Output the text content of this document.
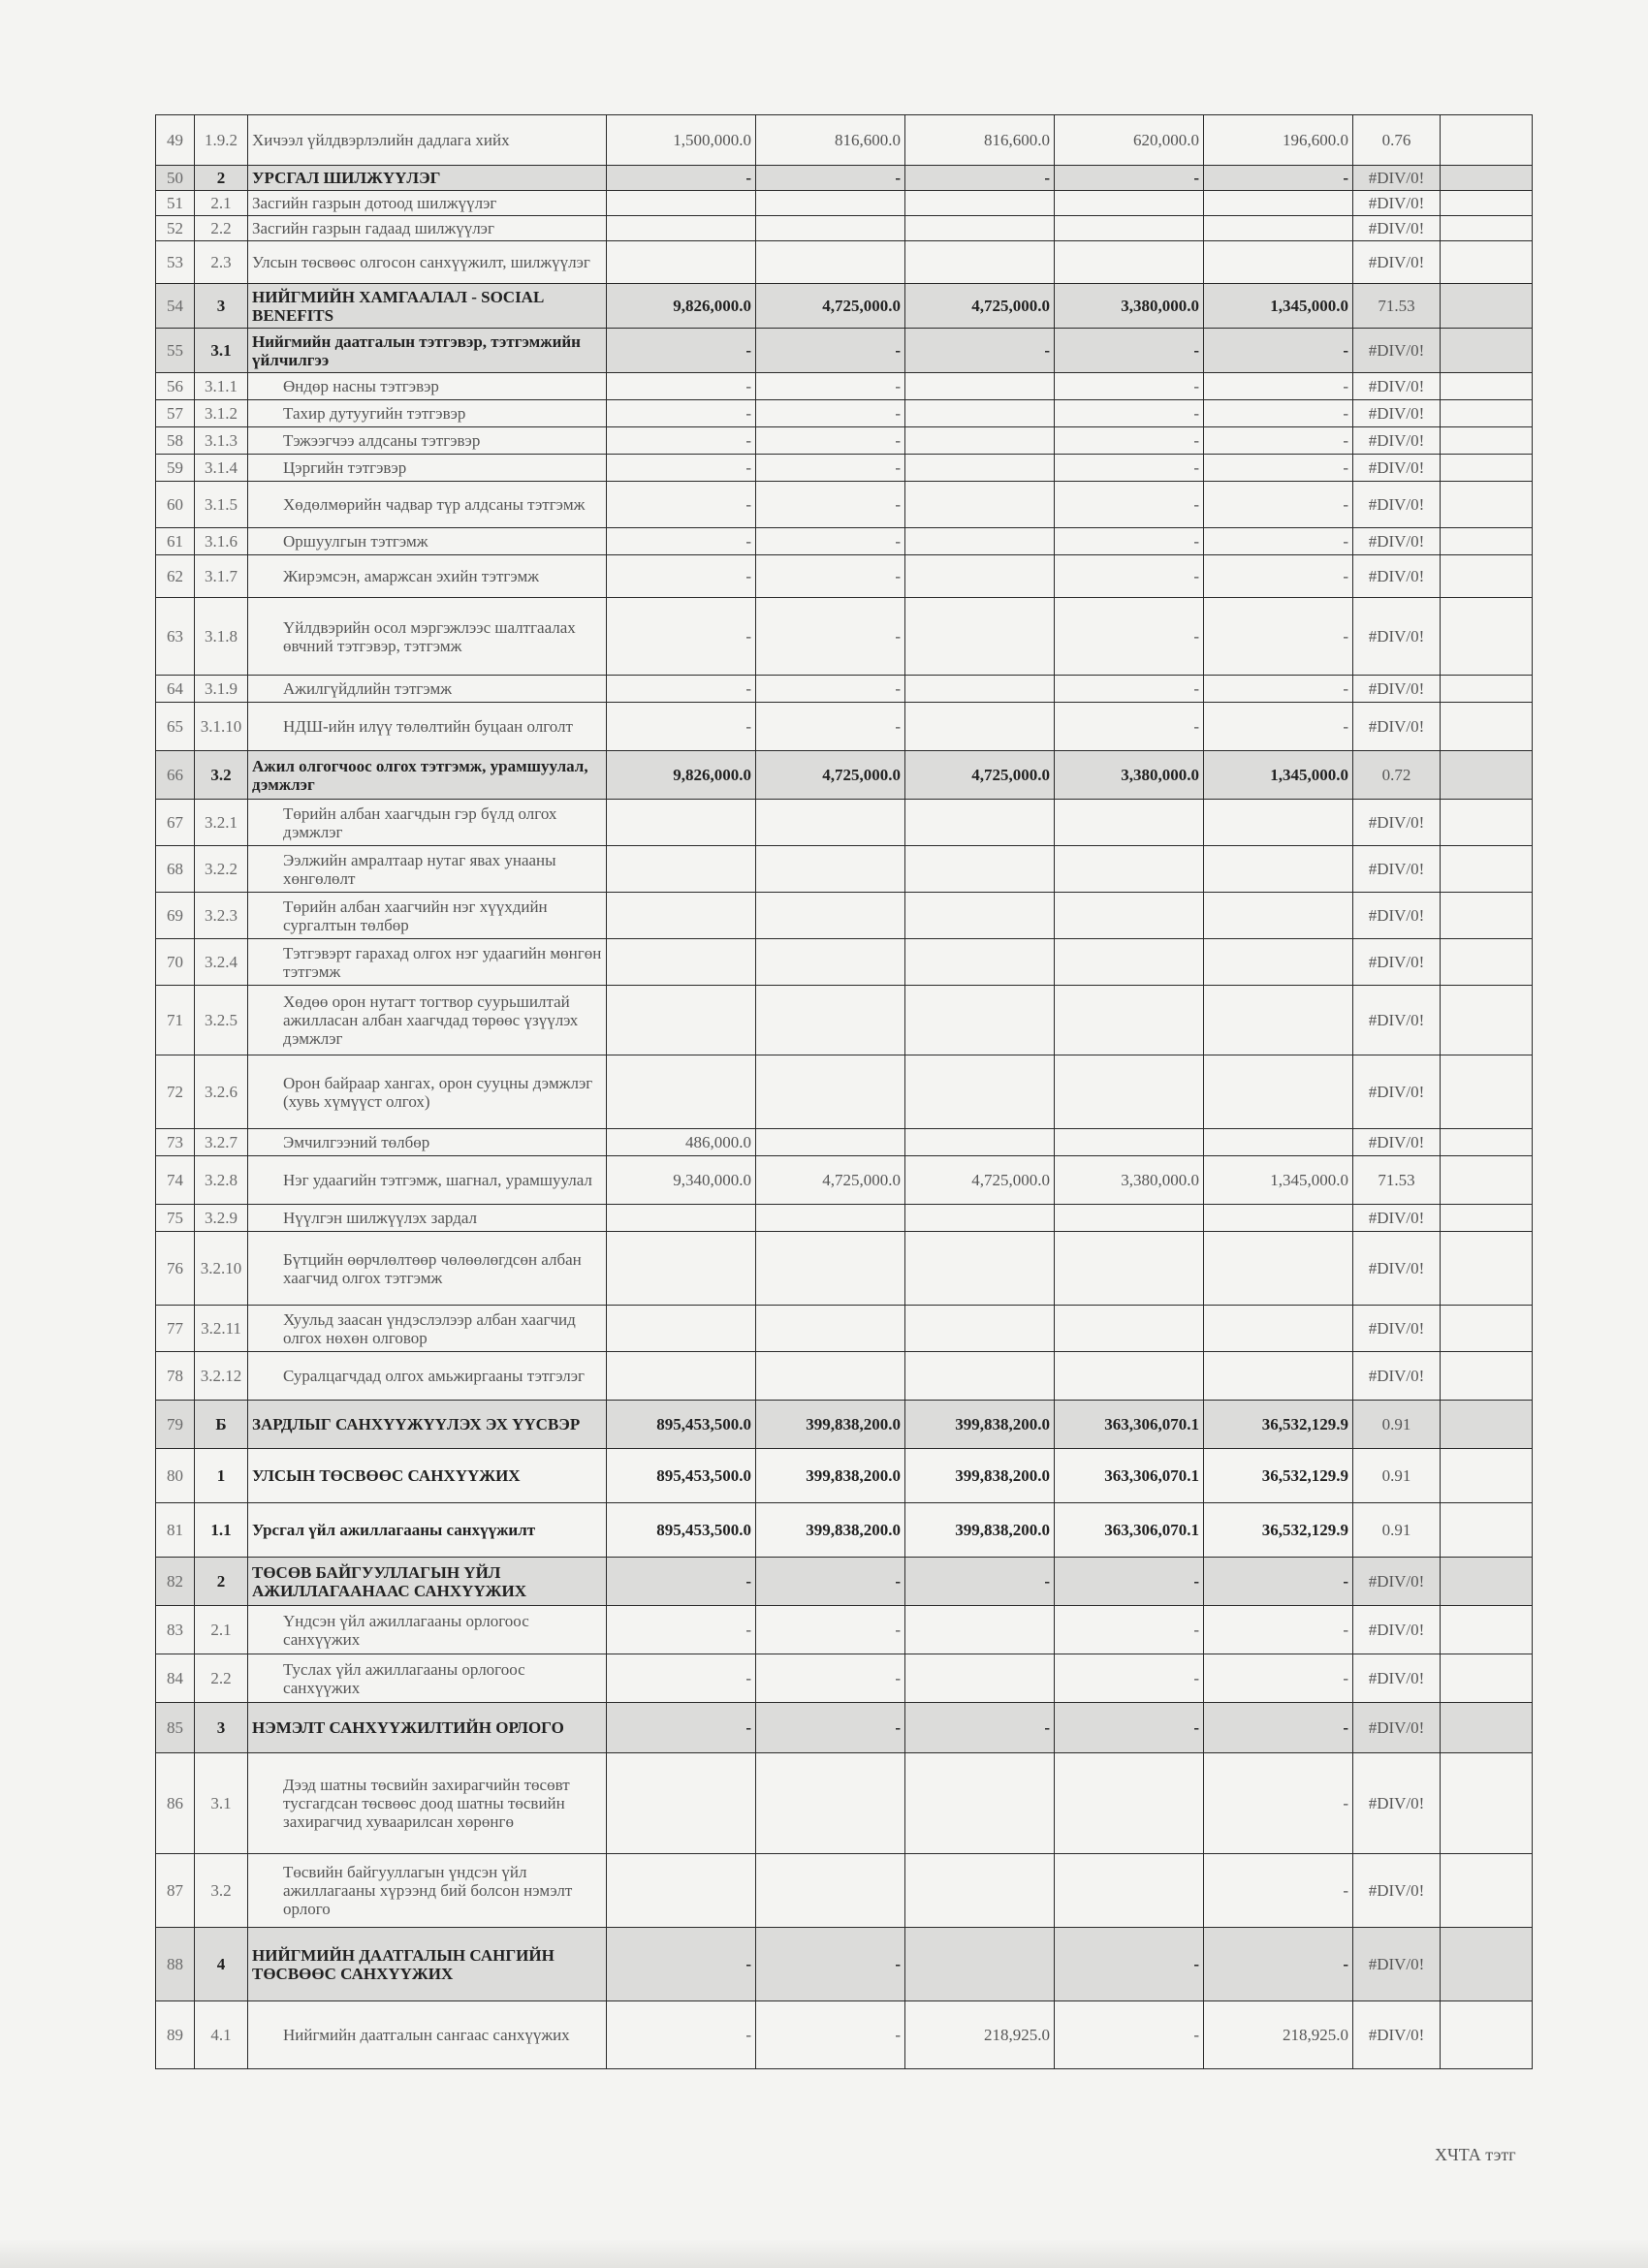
49	1.9.2	Хичээл үйлдвэрлэлийн дадлага хийх	1,500,000.0	816,600.0	816,600.0	620,000.0	196,600.0	0.76	
50	2	УРСГАЛ ШИЛЖҮҮЛЭГ	-	-	-	-	-	#DIV/0!	
51	2.1	Засгийн газрын дотоод шилжүүлэг						#DIV/0!	
52	2.2	Засгийн газрын гадаад шилжүүлэг						#DIV/0!	
53	2.3	Улсын төсвөөс олгосон санхүүжилт, шилжүүлэг						#DIV/0!	
54	3	НИЙГМИЙН ХАМГААЛАЛ - SOCIAL BENEFITS	9,826,000.0	4,725,000.0	4,725,000.0	3,380,000.0	1,345,000.0	71.53	
55	3.1	Нийгмийн даатгалын тэтгэвэр, тэтгэмжийн үйлчилгээ	-	-	-	-	-	#DIV/0!	
56	3.1.1	Өндөр насны тэтгэвэр	-	-		-	-	#DIV/0!	
57	3.1.2	Тахир дутуугийн тэтгэвэр	-	-		-	-	#DIV/0!	
58	3.1.3	Тэжээгчээ алдсаны тэтгэвэр	-	-		-	-	#DIV/0!	
59	3.1.4	Цэргийн тэтгэвэр	-	-		-	-	#DIV/0!	
60	3.1.5	Хөдөлмөрийн чадвар түр алдсаны тэтгэмж	-	-		-	-	#DIV/0!	
61	3.1.6	Оршуулгын тэтгэмж	-	-		-	-	#DIV/0!	
62	3.1.7	Жирэмсэн, амаржсан эхийн тэтгэмж	-	-		-	-	#DIV/0!	
63	3.1.8	Үйлдвэрийн осол мэргэжлээс шалтгаалах өвчний тэтгэвэр, тэтгэмж	-	-		-	-	#DIV/0!	
64	3.1.9	Ажилгүйдлийн тэтгэмж	-	-		-	-	#DIV/0!	
65	3.1.10	НДШ-ийн илүү төлөлтийн буцаан олголт	-	-		-	-	#DIV/0!	
66	3.2	Ажил олгогчоос олгох тэтгэмж, урамшуулал, дэмжлэг	9,826,000.0	4,725,000.0	4,725,000.0	3,380,000.0	1,345,000.0	0.72	
67	3.2.1	Төрийн албан хаагчдын гэр бүлд олгох дэмжлэг						#DIV/0!	
68	3.2.2	Ээлжийн амралтаар нутаг явах унааны хөнгөлөлт						#DIV/0!	
69	3.2.3	Төрийн албан хаагчийн нэг хүүхдийн сургалтын төлбөр						#DIV/0!	
70	3.2.4	Тэтгэвэрт гарахад олгох нэг удаагийн мөнгөн тэтгэмж						#DIV/0!	
71	3.2.5	Хөдөө орон нутагт тогтвор суурьшилтай ажилласан албан хаагчдад төрөөс үзүүлэх дэмжлэг						#DIV/0!	
72	3.2.6	Орон байраар хангах, орон сууцны дэмжлэг (хувь хүмүүст олгох)						#DIV/0!	
73	3.2.7	Эмчилгээний төлбөр	486,000.0					#DIV/0!	
74	3.2.8	Нэг удаагийн тэтгэмж, шагнал, урамшуулал	9,340,000.0	4,725,000.0	4,725,000.0	3,380,000.0	1,345,000.0	71.53	
75	3.2.9	Нүүлгэн шилжүүлэх зардал						#DIV/0!	
76	3.2.10	Бүтцийн өөрчлөлтөөр чөлөөлөгдсөн албан хаагчид олгох тэтгэмж						#DIV/0!	
77	3.2.11	Хуульд заасан үндэслэлээр албан хаагчид олгох нөхөн олговор						#DIV/0!	
78	3.2.12	Суралцагчдад олгох амьжиргааны тэтгэлэг						#DIV/0!	
79	Б	ЗАРДЛЫГ САНХҮҮЖҮҮЛЭХ ЭХ ҮҮСВЭР	895,453,500.0	399,838,200.0	399,838,200.0	363,306,070.1	36,532,129.9	0.91	
80	1	УЛСЫН ТӨСВӨӨС САНХҮҮЖИХ	895,453,500.0	399,838,200.0	399,838,200.0	363,306,070.1	36,532,129.9	0.91	
81	1.1	Урсгал үйл ажиллагааны санхүүжилт	895,453,500.0	399,838,200.0	399,838,200.0	363,306,070.1	36,532,129.9	0.91	
82	2	ТӨСӨВ БАЙГУУЛЛАГЫН ҮЙЛ АЖИЛЛАГААНААС САНХҮҮЖИХ	-	-	-	-	-	#DIV/0!	
83	2.1	Үндсэн үйл ажиллагааны орлогоос санхүүжих	-	-		-	-	#DIV/0!	
84	2.2	Туслах үйл ажиллагааны орлогоос санхүүжих	-	-		-	-	#DIV/0!	
85	3	НЭМЭЛТ САНХҮҮЖИЛТИЙН ОРЛОГО	-	-	-	-	-	#DIV/0!	
86	3.1	Дээд шатны төсвийн захирагчийн төсөвт тусгагдсан төсвөөс доод шатны төсвийн захирагчид хуваарилсан хөрөнгө					-	#DIV/0!	
87	3.2	Төсвийн байгууллагын үндсэн үйл ажиллагааны хүрээнд бий болсон нэмэлт орлого					-	#DIV/0!	
88	4	НИЙГМИЙН ДААТГАЛЫН САНГИЙН ТӨСВӨӨС САНХҮҮЖИХ	-	-		-	-	#DIV/0!	
89	4.1	Нийгмийн даатгалын сангаас санхүүжих	-	-	218,925.0	-	218,925.0	#DIV/0!	
ХЧТА тэтг
